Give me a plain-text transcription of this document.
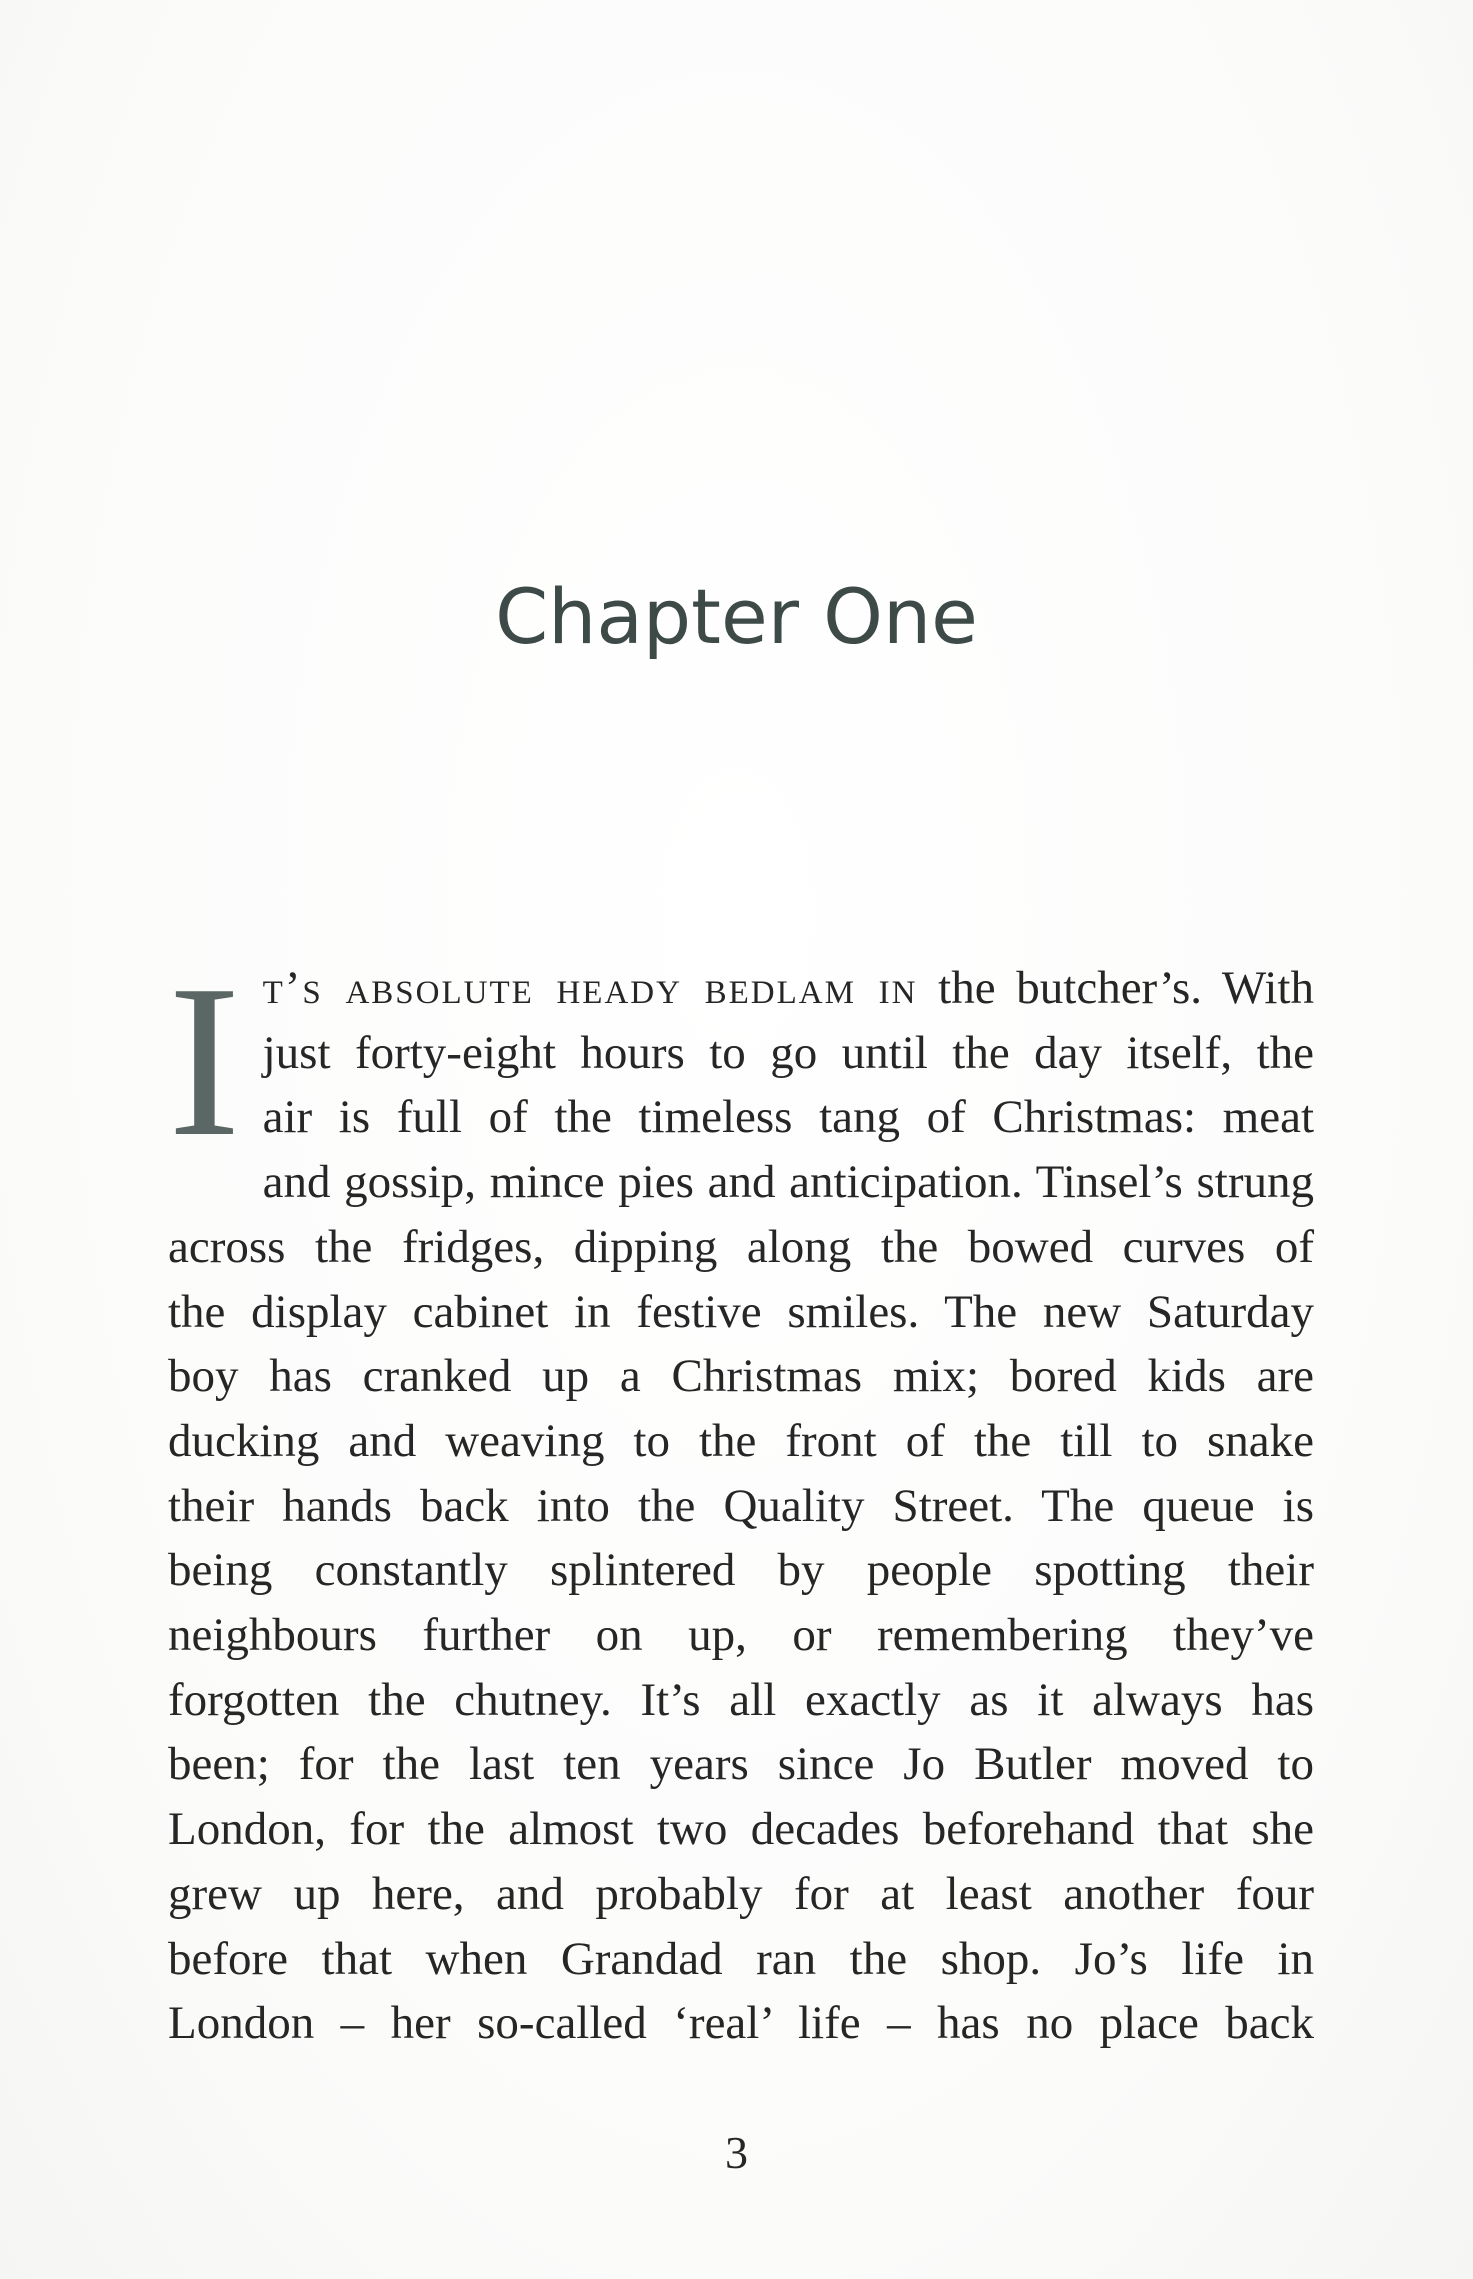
Chapter One
I t’s absolute heady bedlam in the butcher’s. With
just forty-eight hours to go until the day itself, the
air is full of the timeless tang of Christmas: meat
and gossip, mince pies and anticipation. Tinsel’s strung
across the fridges, dipping along the bowed curves of
the display cabinet in festive smiles. The new Saturday
boy has cranked up a Christmas mix; bored kids are
ducking and weaving to the front of the till to snake
their hands back into the Quality Street. The queue is
being constantly splintered by people spotting their
neighbours further on up, or remembering they’ve
forgotten the chutney. It’s all exactly as it always has
been; for the last ten years since Jo Butler moved to
London, for the almost two decades beforehand that she
grew up here, and probably for at least another four
before that when Grandad ran the shop. Jo’s life in
London – her so-called ‘real’ life – has no place back
3
